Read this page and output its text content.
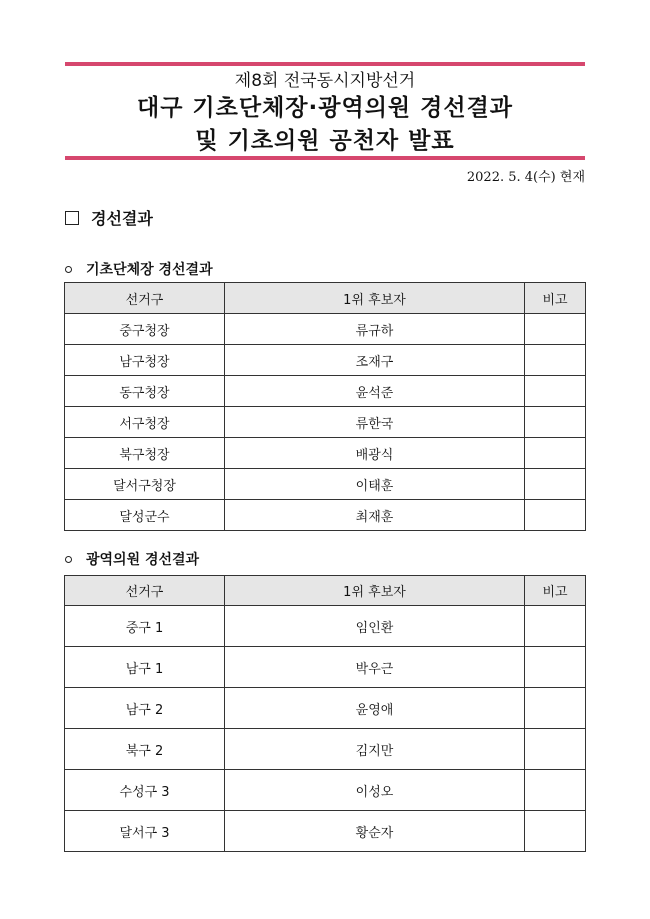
제8회 전국동시지방선거
대구 기초단체장·광역의원 경선결과
및 기초의원 공천자 발표
2022. 5. 4(수) 현재
경선결과
기초단체장 경선결과
선거구	1위 후보자	비고
중구청장	류규하	
남구청장	조재구	
동구청장	윤석준	
서구청장	류한국	
북구청장	배광식	
달서구청장	이태훈	
달성군수	최재훈	
광역의원 경선결과
선거구	1위 후보자	비고
중구 1	임인환	
남구 1	박우근	
남구 2	윤영애	
북구 2	김지만	
수성구 3	이성오	
달서구 3	황순자	
